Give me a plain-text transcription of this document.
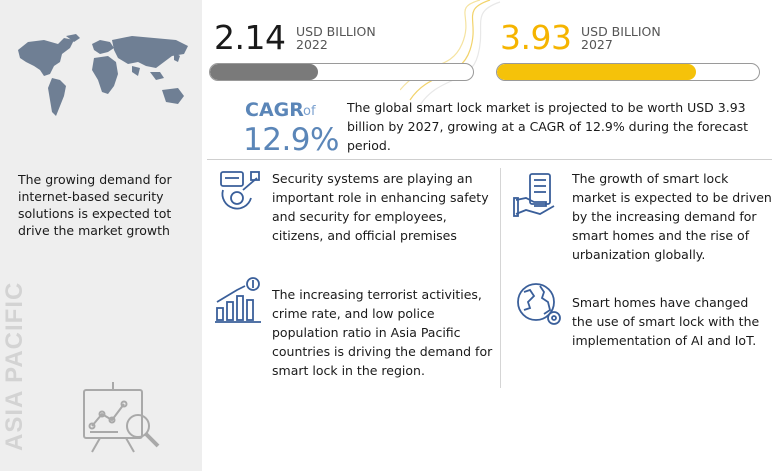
The growing demand for internet-based security solutions is expected tot drive the market growth
ASIA PACIFIC
2.14 USD BILLION
2022	3.93 USD BILLION
2027
CAGR of
12.9%
The global smart lock market is projected to be worth USD 3.93 billion by 2027, growing at a CAGR of 12.9% during the forecast period.
Security systems are playing an important role in enhancing safety and security for employees, citizens, and official premises
The growth of smart lock market is expected to be driven by the increasing demand for smart homes and the rise of urbanization globally.
The increasing terrorist activities, crime rate, and low police population ratio in Asia Pacific countries is driving the demand for smart lock in the region.
Smart homes have changed the use of smart lock with the implementation of AI and IoT.
